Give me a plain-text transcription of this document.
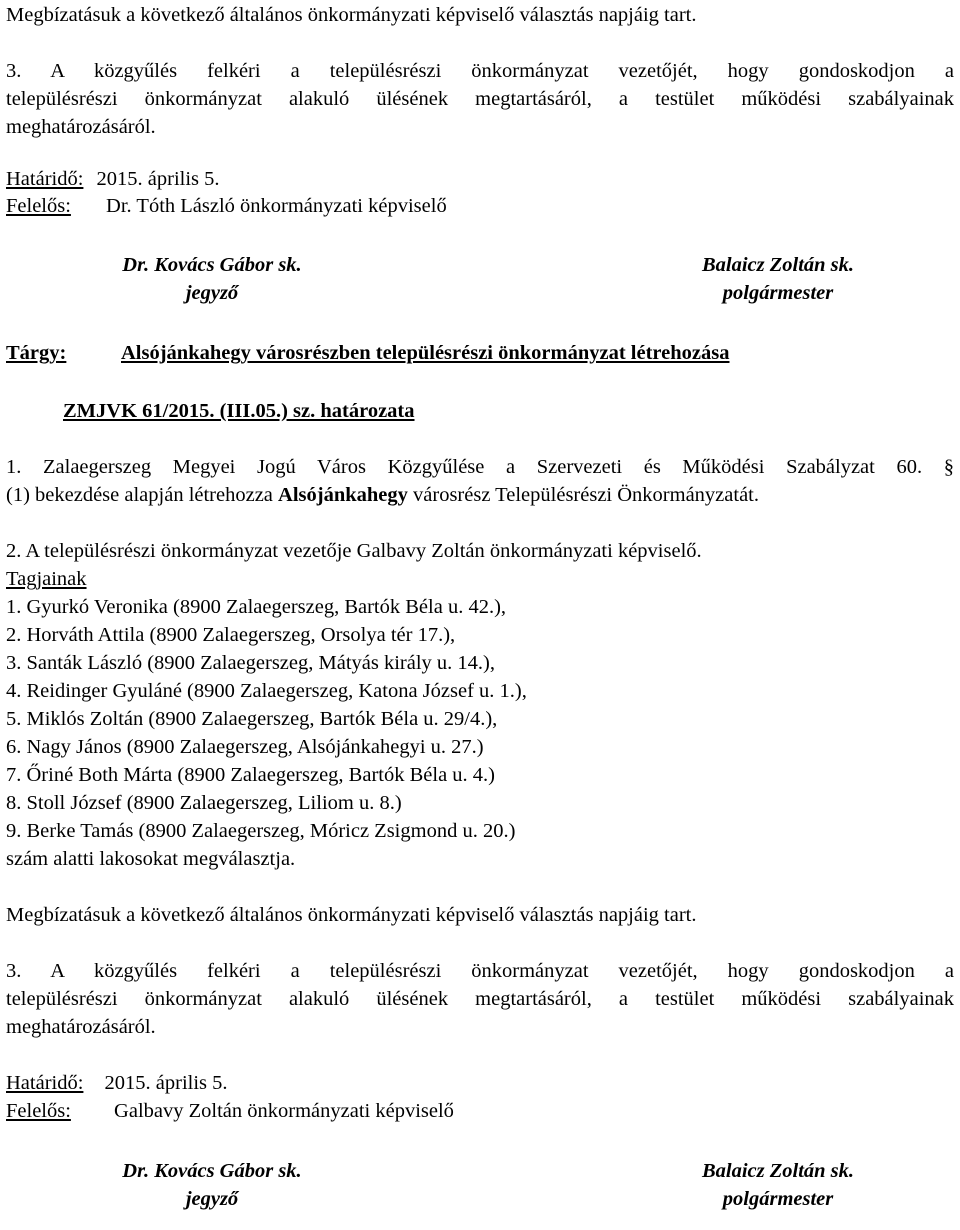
Megbízatásuk a következő általános önkormányzati képviselő választás napjáig tart.
3. A közgyűlés felkéri a településrészi önkormányzat vezetőjét, hogy gondoskodjon a
településrészi önkormányzat alakuló ülésének megtartásáról, a testület működési szabályainak
meghatározásáról.
Határidő: 2015. április 5.
Felelős: Dr. Tóth László önkormányzati képviselő
Dr. Kovács Gábor sk.
jegyző
Balaicz Zoltán sk.
polgármester
Tárgy:	Alsójánkahegy városrészben településrészi önkormányzat létrehozása
ZMJVK 61/2015. (III.05.) sz. határozata
1. Zalaegerszeg Megyei Jogú Város Közgyűlése a Szervezeti és Működési Szabályzat 60. §
(1) bekezdése alapján létrehozza Alsójánkahegy városrész Településrészi Önkormányzatát.
2. A településrészi önkormányzat vezetője Galbavy Zoltán önkormányzati képviselő.
Tagjainak
1. Gyurkó Veronika (8900 Zalaegerszeg, Bartók Béla u. 42.),
2. Horváth Attila (8900 Zalaegerszeg, Orsolya tér 17.),
3. Santák László (8900 Zalaegerszeg, Mátyás király u. 14.),
4. Reidinger Gyuláné (8900 Zalaegerszeg, Katona József u. 1.),
5. Miklós Zoltán (8900 Zalaegerszeg, Bartók Béla u. 29/4.),
6. Nagy János (8900 Zalaegerszeg, Alsójánkahegyi u. 27.)
7. Őriné Both Márta (8900 Zalaegerszeg, Bartók Béla u. 4.)
8. Stoll József (8900 Zalaegerszeg, Liliom u. 8.)
9. Berke Tamás (8900 Zalaegerszeg, Móricz Zsigmond u. 20.)
szám alatti lakosokat megválasztja.
Megbízatásuk a következő általános önkormányzati képviselő választás napjáig tart.
3. A közgyűlés felkéri a településrészi önkormányzat vezetőjét, hogy gondoskodjon a
településrészi önkormányzat alakuló ülésének megtartásáról, a testület működési szabályainak
meghatározásáról.
Határidő: 2015. április 5.
Felelős: Galbavy Zoltán önkormányzati képviselő
Dr. Kovács Gábor sk.
jegyző
Balaicz Zoltán sk.
polgármester
